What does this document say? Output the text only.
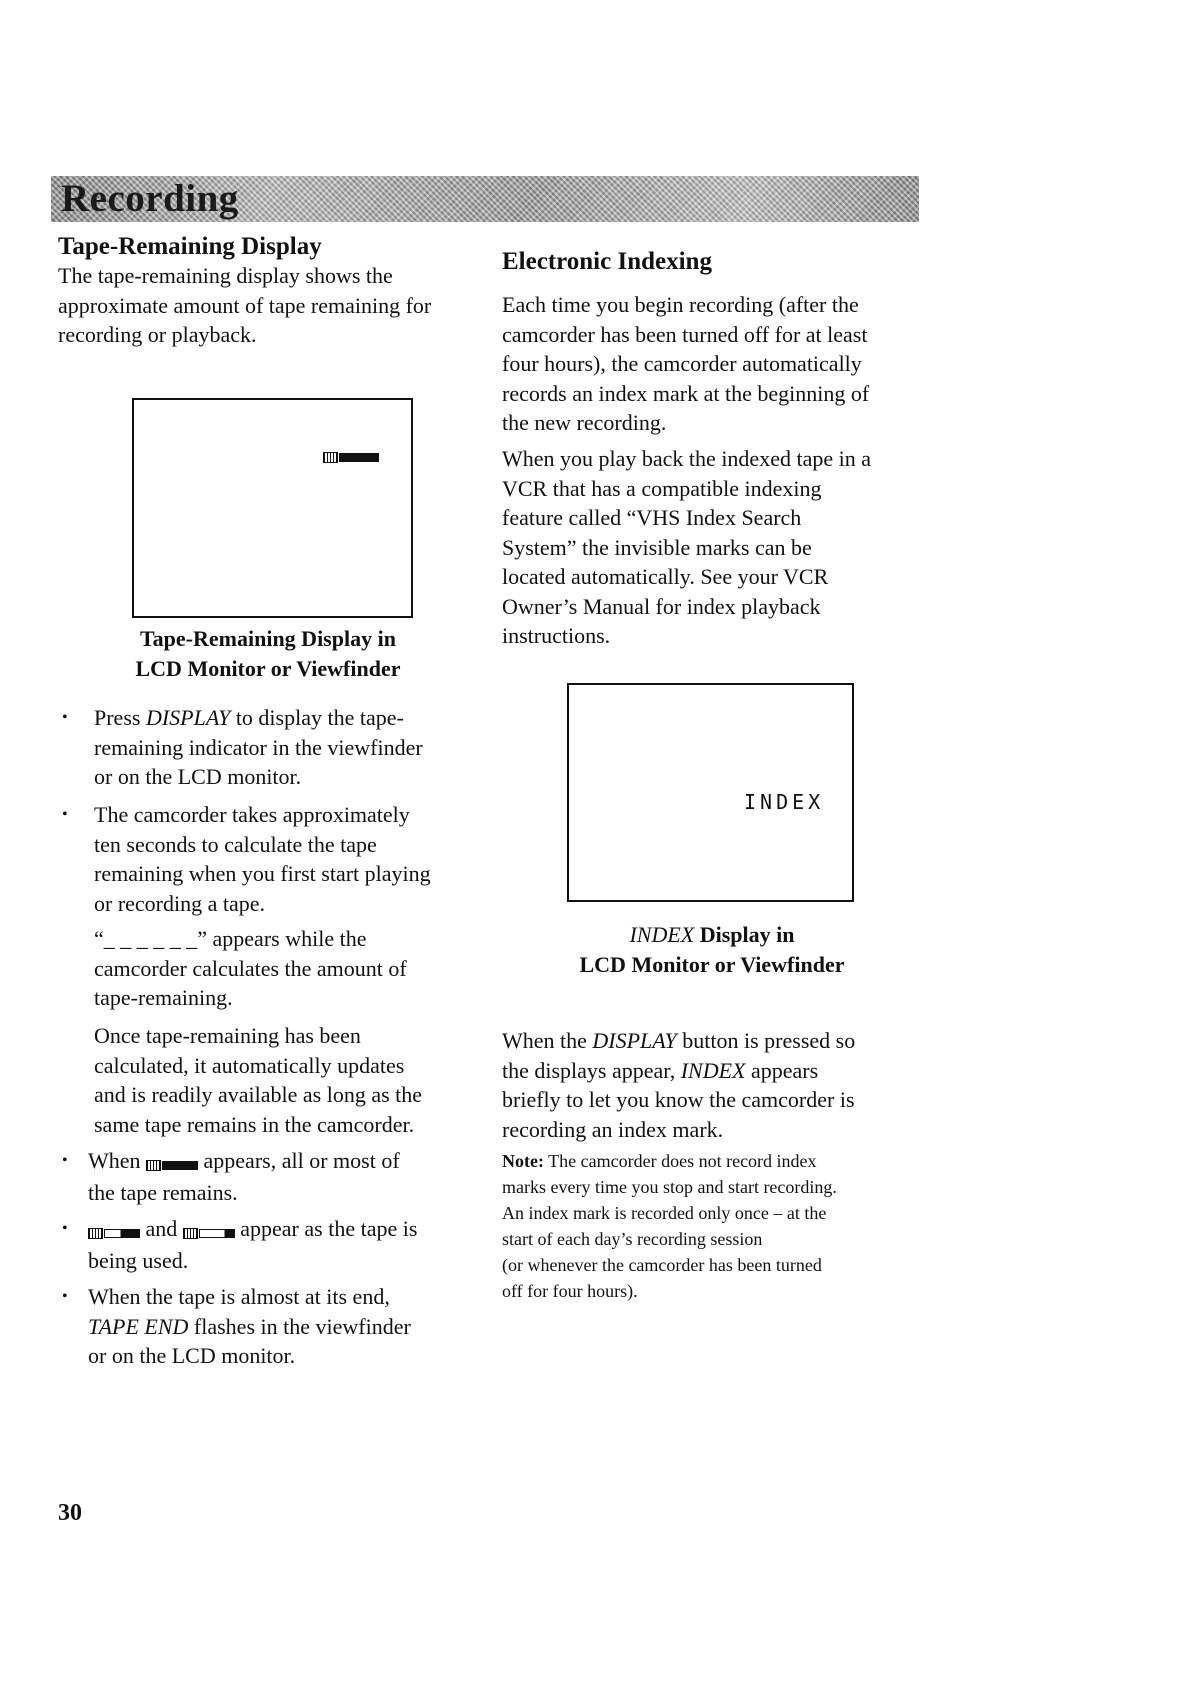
Recording
Tape-Remaining Display
The tape-remaining display shows the
approximate amount of tape remaining for
recording or playback.
Tape-Remaining Display in
LCD Monitor or Viewfinder
• Press DISPLAY to display the tape-
remaining indicator in the viewfinder
or on the LCD monitor.
• The camcorder takes approximately
ten seconds to calculate the tape
remaining when you first start playing
or recording a tape.
“_ _ _ _ _ _” appears while the
camcorder calculates the amount of
tape-remaining.
Once tape-remaining has been
calculated, it automatically updates
and is readily available as long as the
same tape remains in the camcorder.
• When  appears, all or most of
the tape remains.
•	and  appear as the tape is
being used.
• When the tape is almost at its end,
TAPE END flashes in the viewfinder
or on the LCD monitor.
Electronic Indexing
Each time you begin recording (after the
camcorder has been turned off for at least
four hours), the camcorder automatically
records an index mark at the beginning of
the new recording.
When you play back the indexed tape in a
VCR that has a compatible indexing
feature called “VHS Index Search
System” the invisible marks can be
located automatically. See your VCR
Owner’s Manual for index playback
instructions.
INDEX
INDEX Display in
LCD Monitor or Viewfinder
When the DISPLAY button is pressed so
the displays appear, INDEX appears
briefly to let you know the camcorder is
recording an index mark.
Note: The camcorder does not record index
marks every time you stop and start recording.
An index mark is recorded only once – at the
start of each day’s recording session
(or whenever the camcorder has been turned
off for four hours).
30
